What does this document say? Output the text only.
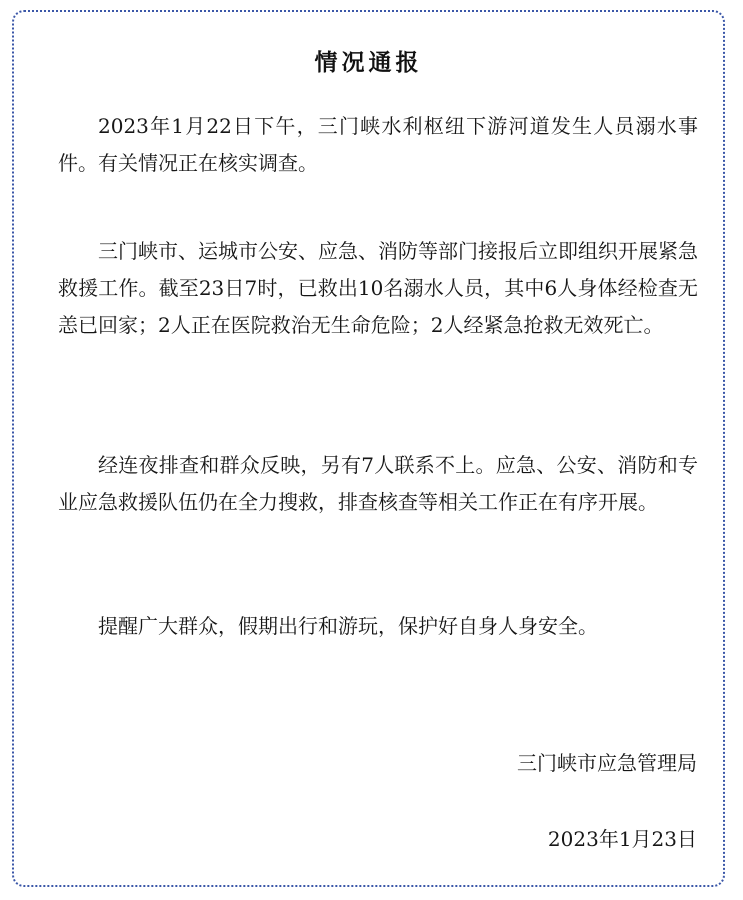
情况通报

2023年1月22日下午，三门峡水利枢纽下游河道发生人员溺水事件。有关情况正在核实调查。

三门峡市、运城市公安、应急、消防等部门接报后立即组织开展紧急救援工作。截至23日7时，已救出10名溺水人员，其中6人身体经检查无恙已回家；2人正在医院救治无生命危险；2人经紧急抢救无效死亡。

经连夜排查和群众反映，另有7人联系不上。应急、公安、消防和专业应急救援队伍仍在全力搜救，排查核查等相关工作正在有序开展。

提醒广大群众，假期出行和游玩，保护好自身人身安全。

三门峡市应急管理局
2023年1月23日
